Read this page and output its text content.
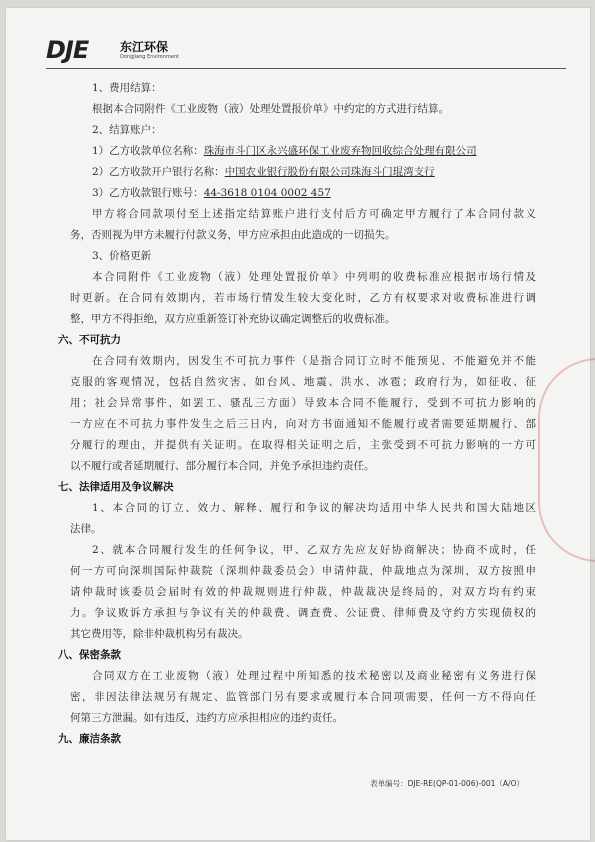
DJE	东江环保
Dongjiang Environment
1、费用结算：
根据本合同附件《工业废物（液）处理处置报价单》中约定的方式进行结算。
2、结算账户：
1）乙方收款单位名称：珠海市斗门区永兴盛环保工业废弃物回收综合处理有限公司
2）乙方收款开户银行名称：中国农业银行股份有限公司珠海斗门琨湾支行
3）乙方收款银行账号：44-3618 0104 0002 457
甲方将合同款项付至上述指定结算账户进行支付后方可确定甲方履行了本合同付款义
务，否则视为甲方未履行付款义务，甲方应承担由此造成的一切损失。
3、价格更新
本合同附件《工业废物（液）处理处置报价单》中列明的收费标准应根据市场行情及
时更新。在合同有效期内，若市场行情发生较大变化时，乙方有权要求对收费标准进行调
整，甲方不得拒绝，双方应重新签订补充协议确定调整后的收费标准。
六、不可抗力
在合同有效期内，因发生不可抗力事件（是指合同订立时不能预见、不能避免并不能
克服的客观情况，包括自然灾害、如台风、地震、洪水、冰雹；政府行为，如征收、征
用；社会异常事件，如罢工、骚乱三方面）导致本合同不能履行，受到不可抗力影响的
一方应在不可抗力事件发生之后三日内，向对方书面通知不能履行或者需要延期履行、部
分履行的理由，并提供有关证明。在取得相关证明之后，主张受到不可抗力影响的一方可
以不履行或者延期履行、部分履行本合同，并免予承担违约责任。
七、法律适用及争议解决
1、本合同的订立、效力、解释、履行和争议的解决均适用中华人民共和国大陆地区
法律。
2、就本合同履行发生的任何争议，甲、乙双方先应友好协商解决；协商不成时，任
何一方可向深圳国际仲裁院（深圳仲裁委员会）申请仲裁，仲裁地点为深圳，双方按照申
请仲裁时该委员会届时有效的仲裁规则进行仲裁，仲裁裁决是终局的，对双方均有约束
力。争议败诉方承担与争议有关的仲裁费、调查费、公证费、律师费及守约方实现债权的
其它费用等，除非仲裁机构另有裁决。
八、保密条款
合同双方在工业废物（液）处理过程中所知悉的技术秘密以及商业秘密有义务进行保
密，非因法律法规另有规定、监管部门另有要求或履行本合同项需要，任何一方不得向任
何第三方泄漏。如有违反，违约方应承担相应的违约责任。
九、廉洁条款
表单编号：DJE-RE(QP-01-006)-001（A/O）
